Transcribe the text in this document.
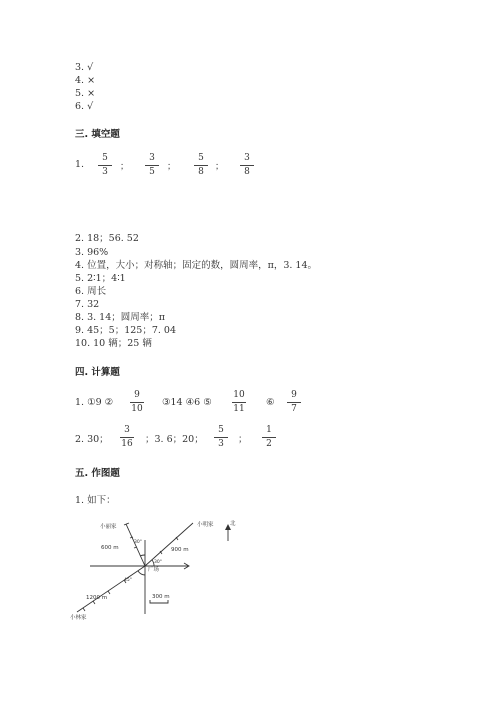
3. √
4. ×
5. ×
6. √
三. 填空题
1.
5
3	；
3
5	；
5
8	；
3
8
2. 18；56. 52
3. 96%
4. 位置，大小；对称轴；固定的数，圆周率，π，3. 14。
5. 2∶1；4∶1
6. 周长
7. 32
8. 3. 14；圆周率；π
9. 45；5；125；7. 04
10. 10 辆；25 辆
四. 计算题
1. ①9 ②
9
10
③14 ④6 ⑤
10
11
⑥
9
7
2. 30；
3
16	；3. 6；20；
5
3	；
1
2
五. 作图题
1. 如下：
小丽家	小明家
小林家
广场
北
600 m	900 m
1200 m
30°
30°
45°
300 m
